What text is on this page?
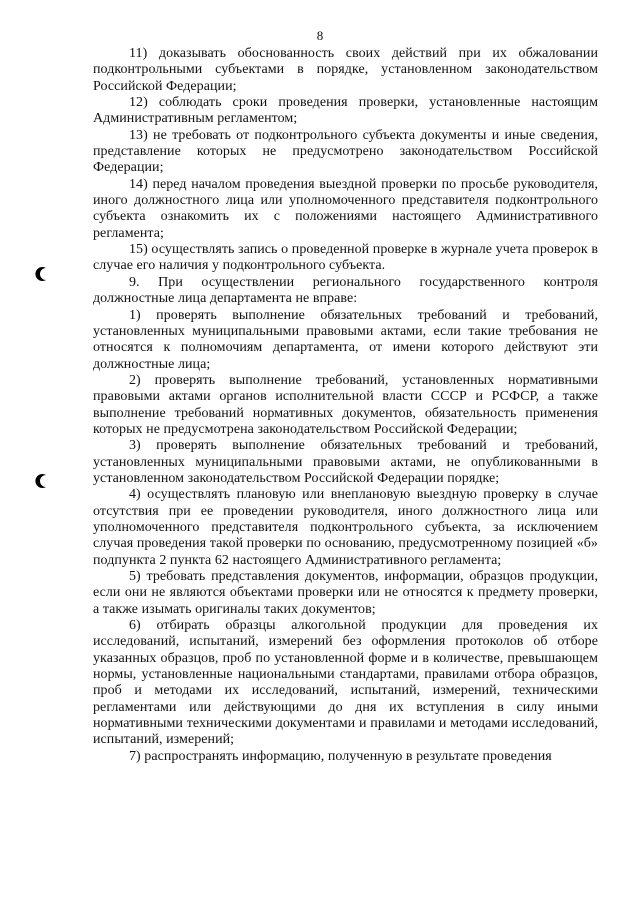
8

11) доказывать обоснованность своих действий при их обжаловании подконтрольными субъектами в порядке, установленном законодательством Российской Федерации;

12) соблюдать сроки проведения проверки, установленные настоящим Административным регламентом;

13) не требовать от подконтрольного субъекта документы и иные сведения, представление которых не предусмотрено законодательством Российской Федерации;

14) перед началом проведения выездной проверки по просьбе руководителя, иного должностного лица или уполномоченного представителя подконтрольного субъекта ознакомить их с положениями настоящего Административного регламента;

15) осуществлять запись о проведенной проверке в журнале учета проверок в случае его наличия у подконтрольного субъекта.

9. При осуществлении регионального государственного контроля должностные лица департамента не вправе:

1) проверять выполнение обязательных требований и требований, установленных муниципальными правовыми актами, если такие требования не относятся к полномочиям департамента, от имени которого действуют эти должностные лица;

2) проверять выполнение требований, установленных нормативными правовыми актами органов исполнительной власти СССР и РСФСР, а также выполнение требований нормативных документов, обязательность применения которых не предусмотрена законодательством Российской Федерации;

3) проверять выполнение обязательных требований и требований, установленных муниципальными правовыми актами, не опубликованными в установленном законодательством Российской Федерации порядке;

4) осуществлять плановую или внеплановую выездную проверку в случае отсутствия при ее проведении руководителя, иного должностного лица или уполномоченного представителя подконтрольного субъекта, за исключением случая проведения такой проверки по основанию, предусмотренному позицией «б» подпункта 2 пункта 62 настоящего Административного регламента;

5) требовать представления документов, информации, образцов продукции, если они не являются объектами проверки или не относятся к предмету проверки, а также изымать оригиналы таких документов;

6) отбирать образцы алкогольной продукции для проведения их исследований, испытаний, измерений без оформления протоколов об отборе указанных образцов, проб по установленной форме и в количестве, превышающем нормы, установленные национальными стандартами, правилами отбора образцов, проб и методами их исследований, испытаний, измерений, техническими регламентами или действующими до дня их вступления в силу иными нормативными техническими документами и правилами и методами исследований, испытаний, измерений;

7) распространять информацию, полученную в результате проведения
